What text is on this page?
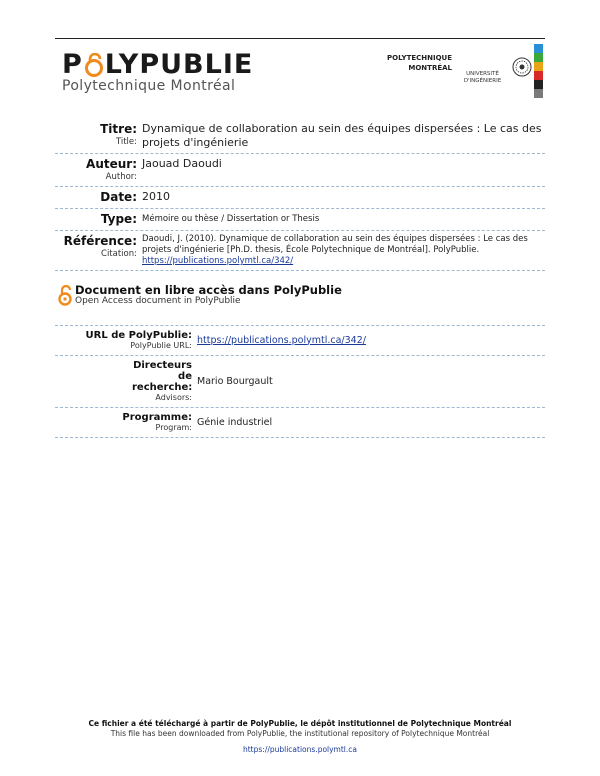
P LYPUBLIE
Polytechnique Montréal
POLYTECHNIQUE
MONTRÉAL
UNIVERSITÉ
D'INGÉNIERIE
Titre:
Title:
Dynamique de collaboration au sein des équipes dispersées : Le cas des projets d'ingénierie
Auteur:
Author:
Jaouad Daoudi
Date: 2010
Type: Mémoire ou thèse / Dissertation or Thesis
Référence:
Citation:
Daoudi, J. (2010). Dynamique de collaboration au sein des équipes dispersées : Le cas des projets d'ingénierie [Ph.D. thesis, École Polytechnique de Montréal]. PolyPublie. https://publications.polymtl.ca/342/
Document en libre accès dans PolyPublie
Open Access document in PolyPublie
URL de PolyPublie:
PolyPublie URL: https://publications.polymtl.ca/342/
Directeurs de recherche:
Advisors:
Mario Bourgault
Programme:
Program: Génie industriel
Ce fichier a été téléchargé à partir de PolyPublie, le dépôt institutionnel de Polytechnique Montréal
This file has been downloaded from PolyPublie, the institutional repository of Polytechnique Montréal
https://publications.polymtl.ca
